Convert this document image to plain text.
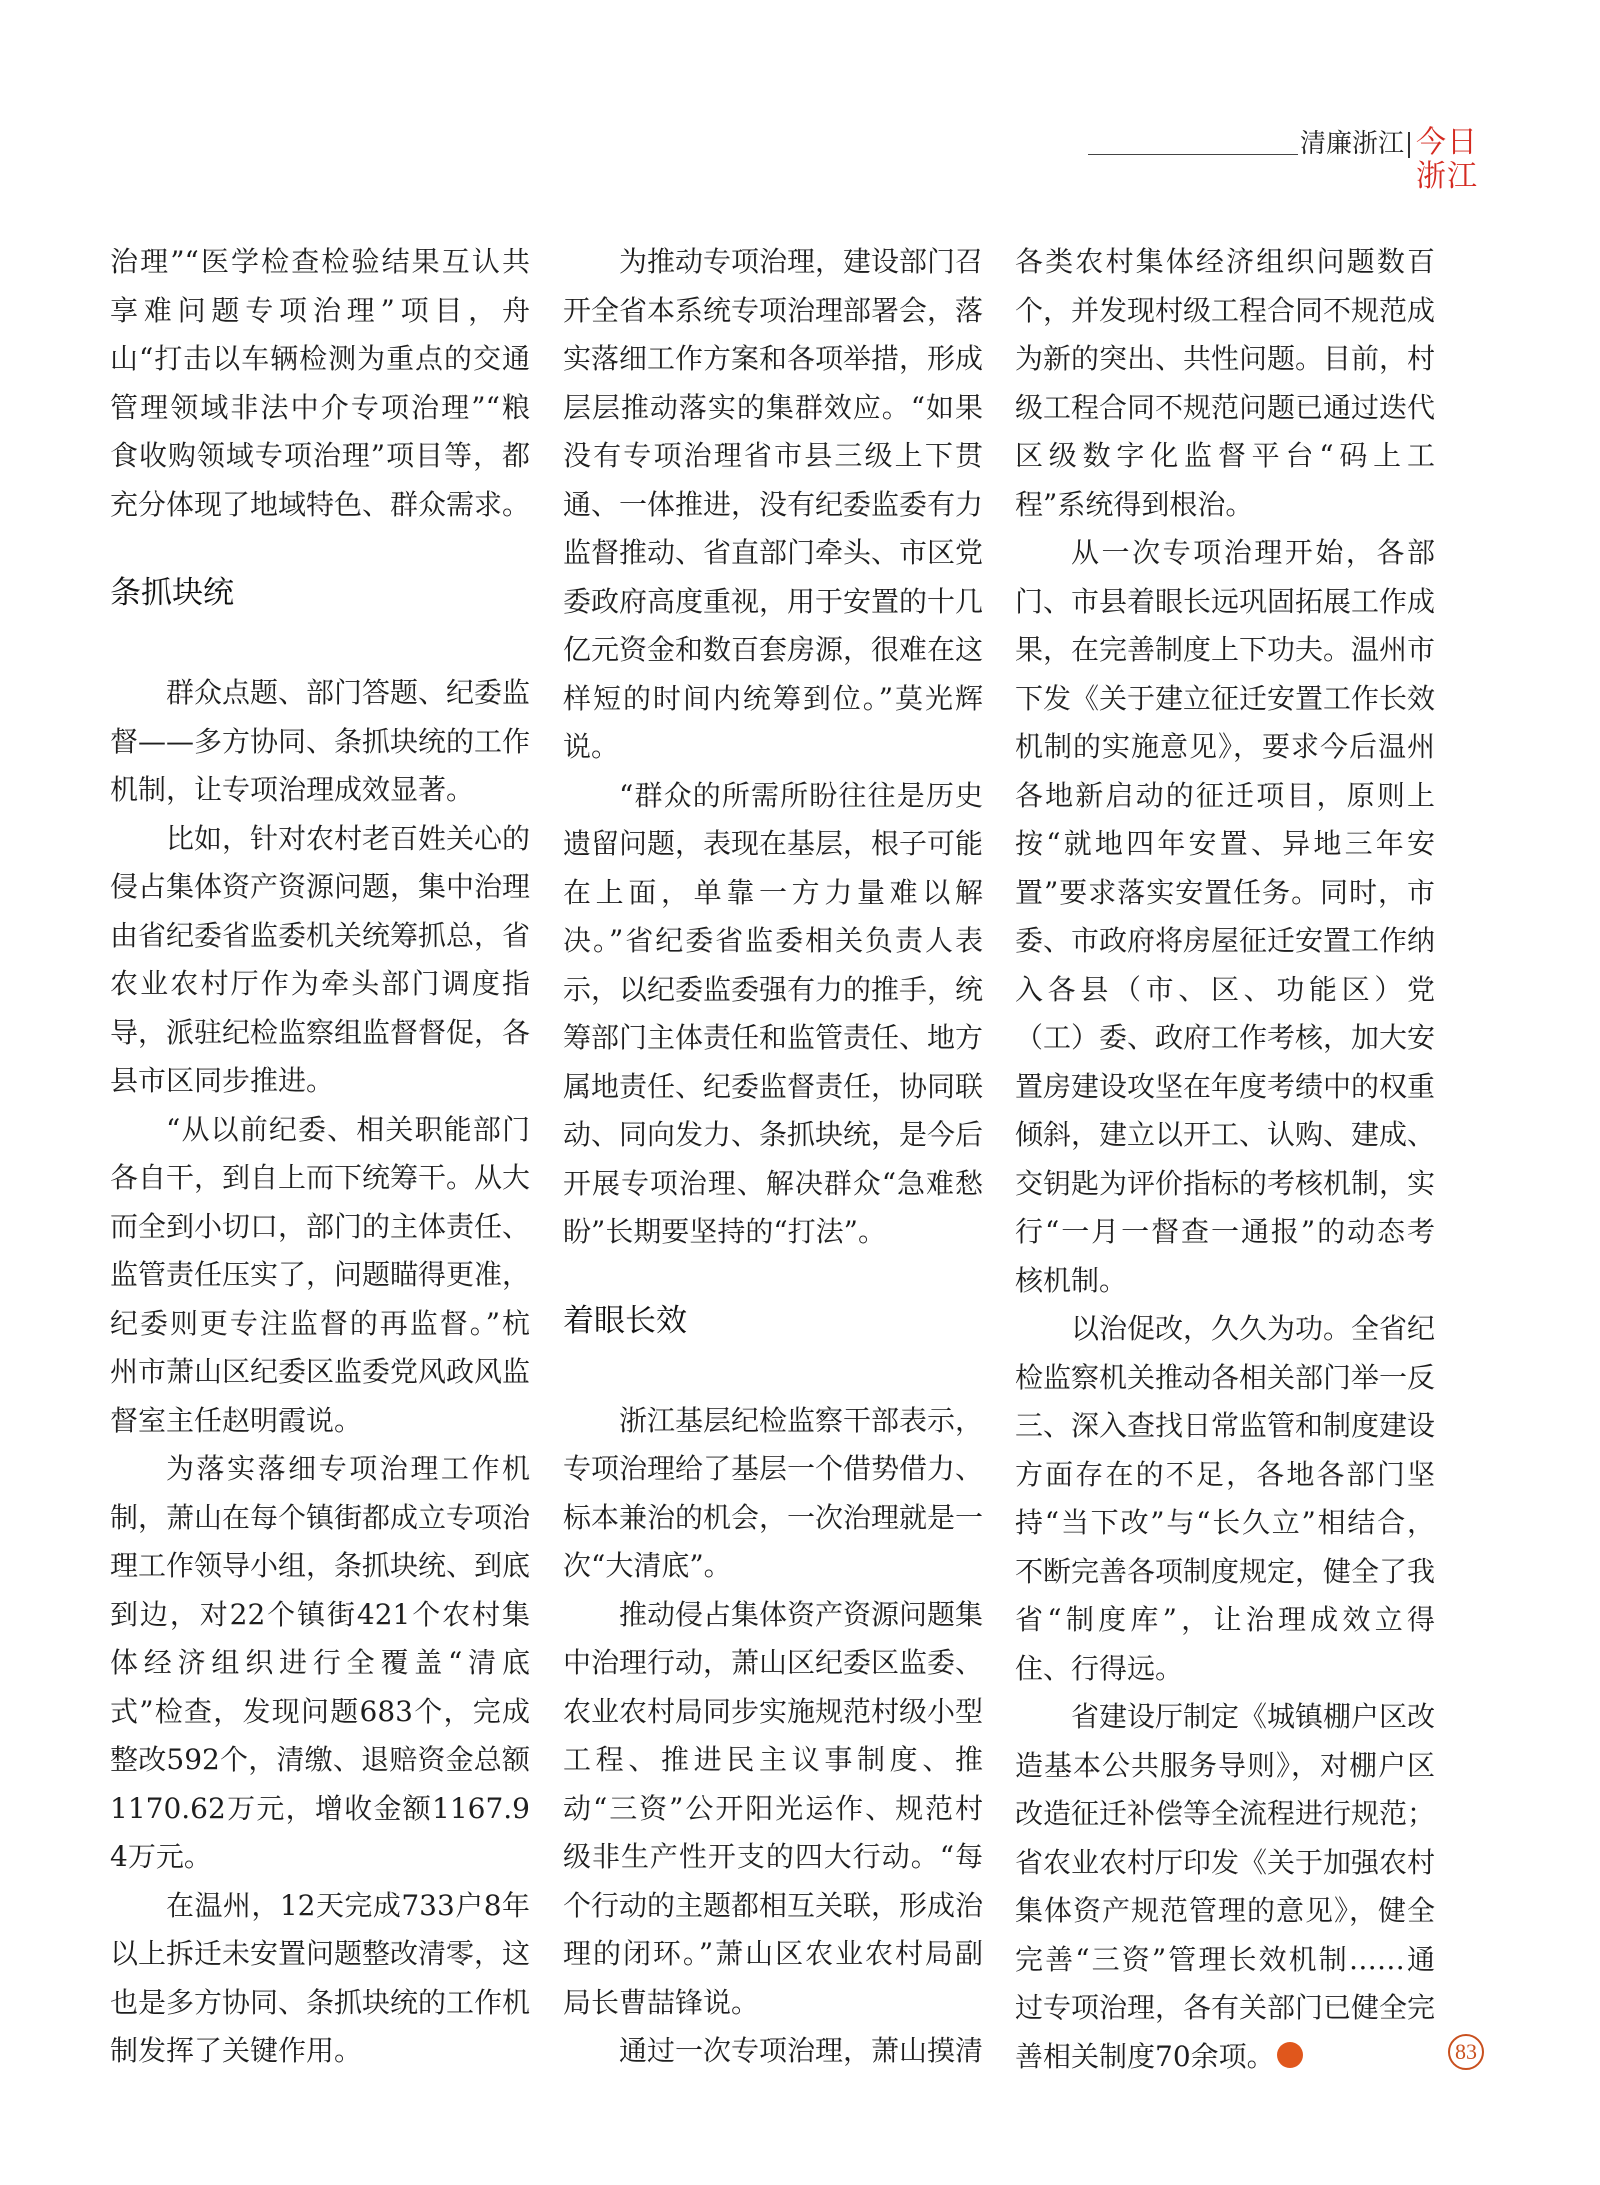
清廉浙江 今日浙江

治理”“医学检查检验结果互认共享难问题专项治理”项目，舟山“打击以车辆检测为重点的交通管理领域非法中介专项治理”“粮食收购领域专项治理”项目等，都充分体现了地域特色、群众需求。

条抓块统

群众点题、部门答题、纪委监督——多方协同、条抓块统的工作机制，让专项治理成效显著。

比如，针对农村老百姓关心的侵占集体资产资源问题，集中治理由省纪委省监委机关统筹抓总，省农业农村厅作为牵头部门调度指导，派驻纪检监察组监督督促，各县市区同步推进。

“从以前纪委、相关职能部门各自干，到自上而下统筹干。从大而全到小切口，部门的主体责任、监管责任压实了，问题瞄得更准，纪委则更专注监督的再监督。”杭州市萧山区纪委区监委党风政风监督室主任赵明霞说。

为落实落细专项治理工作机制，萧山在每个镇街都成立专项治理工作领导小组，条抓块统、到底到边，对22个镇街421个农村集体经济组织进行全覆盖“清底式”检查，发现问题683个，完成整改592个，清缴、退赔资金总额1170.62万元，增收金额1167.94万元。

在温州，12天完成733户8年以上拆迁未安置问题整改清零，这也是多方协同、条抓块统的工作机制发挥了关键作用。

为推动专项治理，建设部门召开全省本系统专项治理部署会，落实落细工作方案和各项举措，形成层层推动落实的集群效应。“如果没有专项治理省市县三级上下贯通、一体推进，没有纪委监委有力监督推动、省直部门牵头、市区党委政府高度重视，用于安置的十几亿元资金和数百套房源，很难在这样短的时间内统筹到位。”莫光辉说。

“群众的所需所盼往往是历史遗留问题，表现在基层，根子可能在上面，单靠一方力量难以解决。”省纪委省监委相关负责人表示，以纪委监委强有力的推手，统筹部门主体责任和监管责任、地方属地责任、纪委监督责任，协同联动、同向发力、条抓块统，是今后开展专项治理、解决群众“急难愁盼”长期要坚持的“打法”。

着眼长效

浙江基层纪检监察干部表示，专项治理给了基层一个借势借力、标本兼治的机会，一次治理就是一次“大清底”。

推动侵占集体资产资源问题集中治理行动，萧山区纪委区监委、农业农村局同步实施规范村级小型工程、推进民主议事制度、推动“三资”公开阳光运作、规范村级非生产性开支的四大行动。“每个行动的主题都相互关联，形成治理的闭环。”萧山区农业农村局副局长曹喆锋说。

通过一次专项治理，萧山摸清

各类农村集体经济组织问题数百个，并发现村级工程合同不规范成为新的突出、共性问题。目前，村级工程合同不规范问题已通过迭代区级数字化监督平台“码上工程”系统得到根治。

从一次专项治理开始，各部门、市县着眼长远巩固拓展工作成果，在完善制度上下功夫。温州市下发《关于建立征迁安置工作长效机制的实施意见》，要求今后温州各地新启动的征迁项目，原则上按“就地四年安置、异地三年安置”要求落实安置任务。同时，市委、市政府将房屋征迁安置工作纳入各县（市、区、功能区）党（工）委、政府工作考核，加大安置房建设攻坚在年度考绩中的权重倾斜，建立以开工、认购、建成、交钥匙为评价指标的考核机制，实行“一月一督查一通报”的动态考核机制。

以治促改，久久为功。全省纪检监察机关推动各相关部门举一反三、深入查找日常监管和制度建设方面存在的不足，各地各部门坚持“当下改”与“长久立”相结合，不断完善各项制度规定，健全了我省“制度库”，让治理成效立得住、行得远。

省建设厅制定《城镇棚户区改造基本公共服务导则》，对棚户区改造征迁补偿等全流程进行规范；省农业农村厅印发《关于加强农村集体资产规范管理的意见》，健全完善“三资”管理长效机制……通过专项治理，各有关部门已健全完善相关制度70余项。	83
